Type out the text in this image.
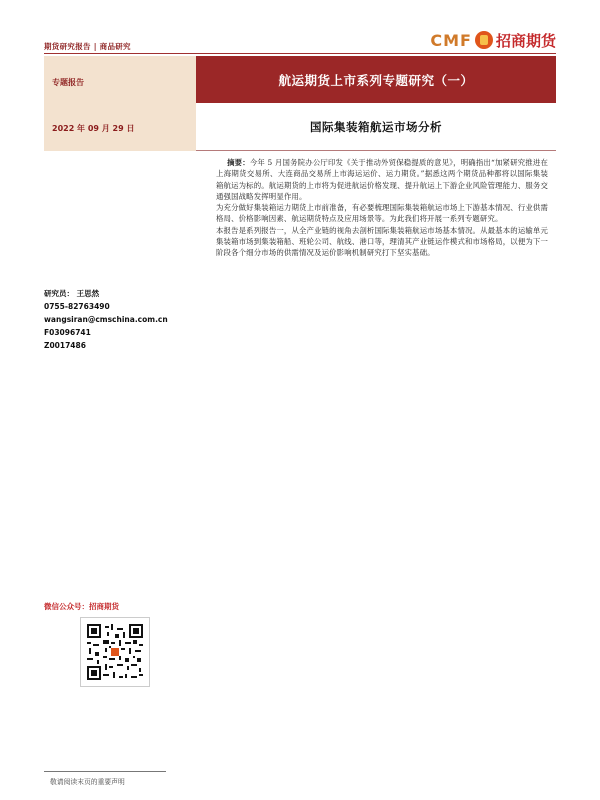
期货研究报告 | 商品研究	CMF 招商期货
专题报告	航运期货上市系列专题研究（一）
2022 年 09 月 29 日	国际集装箱航运市场分析

摘要：今年 5 月国务院办公厅印发《关于推动外贸保稳提质的意见》，明确指出“加紧研究推进在上海期货交易所、大连商品交易所上市海运运价、运力期货。”据悉这两个期货品种都将以国际集装箱航运为标的。航运期货的上市将为促进航运价格发现、提升航运上下游企业风险管理能力、服务交通强国战略发挥明显作用。

为充分做好集装箱运力期货上市前准备，有必要梳理国际集装箱航运市场上下游基本情况、行业供需格局、价格影响因素、航运期货特点及应用场景等。为此我们将开展一系列专题研究。

本报告是系列报告一，从全产业链的视角去剖析国际集装箱航运市场基本情况。从最基本的运输单元集装箱市场到集装箱船、班轮公司、航线、港口等，理清其产业链运作模式和市场格局，以便为下一阶段各个细分市场的供需情况及运价影响机制研究打下坚实基础。

研究员： 王思然
0755-82763490
wangsiran@cmschina.com.cn
F03096741
Z0017486
微信公众号：招商期货
敬请阅读末页的重要声明
